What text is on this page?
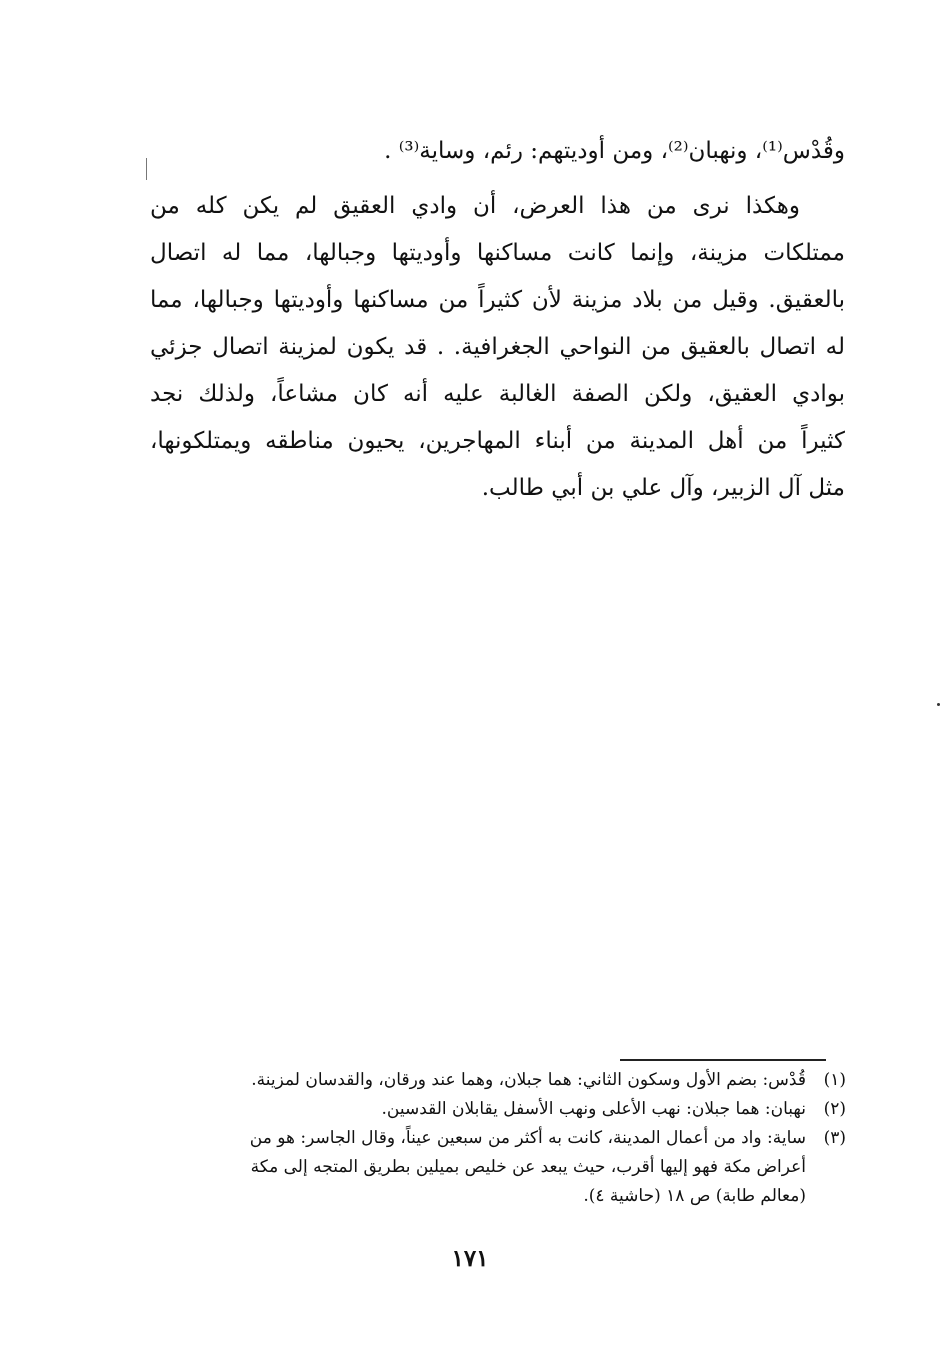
وقُدْس⁽¹⁾، ونهبان⁽²⁾، ومن أوديتهم: رئم، وساية⁽³⁾ .
وهكذا نرى من هذا العرض، أن وادي العقيق لم يكن كله من
ممتلكات مزينة، وإنما كانت مساكنها وأوديتها وجبالها، مما له اتصال
بالعقيق. وقيل من بلاد مزينة لأن كثيراً من مساكنها وأوديتها وجبالها، مما
له اتصال بالعقيق من النواحي الجغرافية. . قد يكون لمزينة اتصال جزئي
بوادي العقيق، ولكن الصفة الغالبة عليه أنه كان مشاعاً، ولذلك نجد
كثيراً من أهل المدينة من أبناء المهاجرين، يحيون مناطقه ويمتلكونها،
مثل آل الزبير، وآل علي بن أبي طالب.
(١)
قُدْس: بضم الأول وسكون الثاني: هما جبلان، وهما عند ورقان، والقدسان لمزينة.
(٢)
نهبان: هما جبلان: نهب الأعلى ونهب الأسفل يقابلان القدسين.
(٣)
ساية: واد من أعمال المدينة، كانت به أكثر من سبعين عيناً، وقال الجاسر: هو من
أعراض مكة فهو إليها أقرب، حيث يبعد عن خليص بميلين بطريق المتجه إلى مكة
(معالم طابة) ص ١٨ (حاشية ٤).
١٧١
